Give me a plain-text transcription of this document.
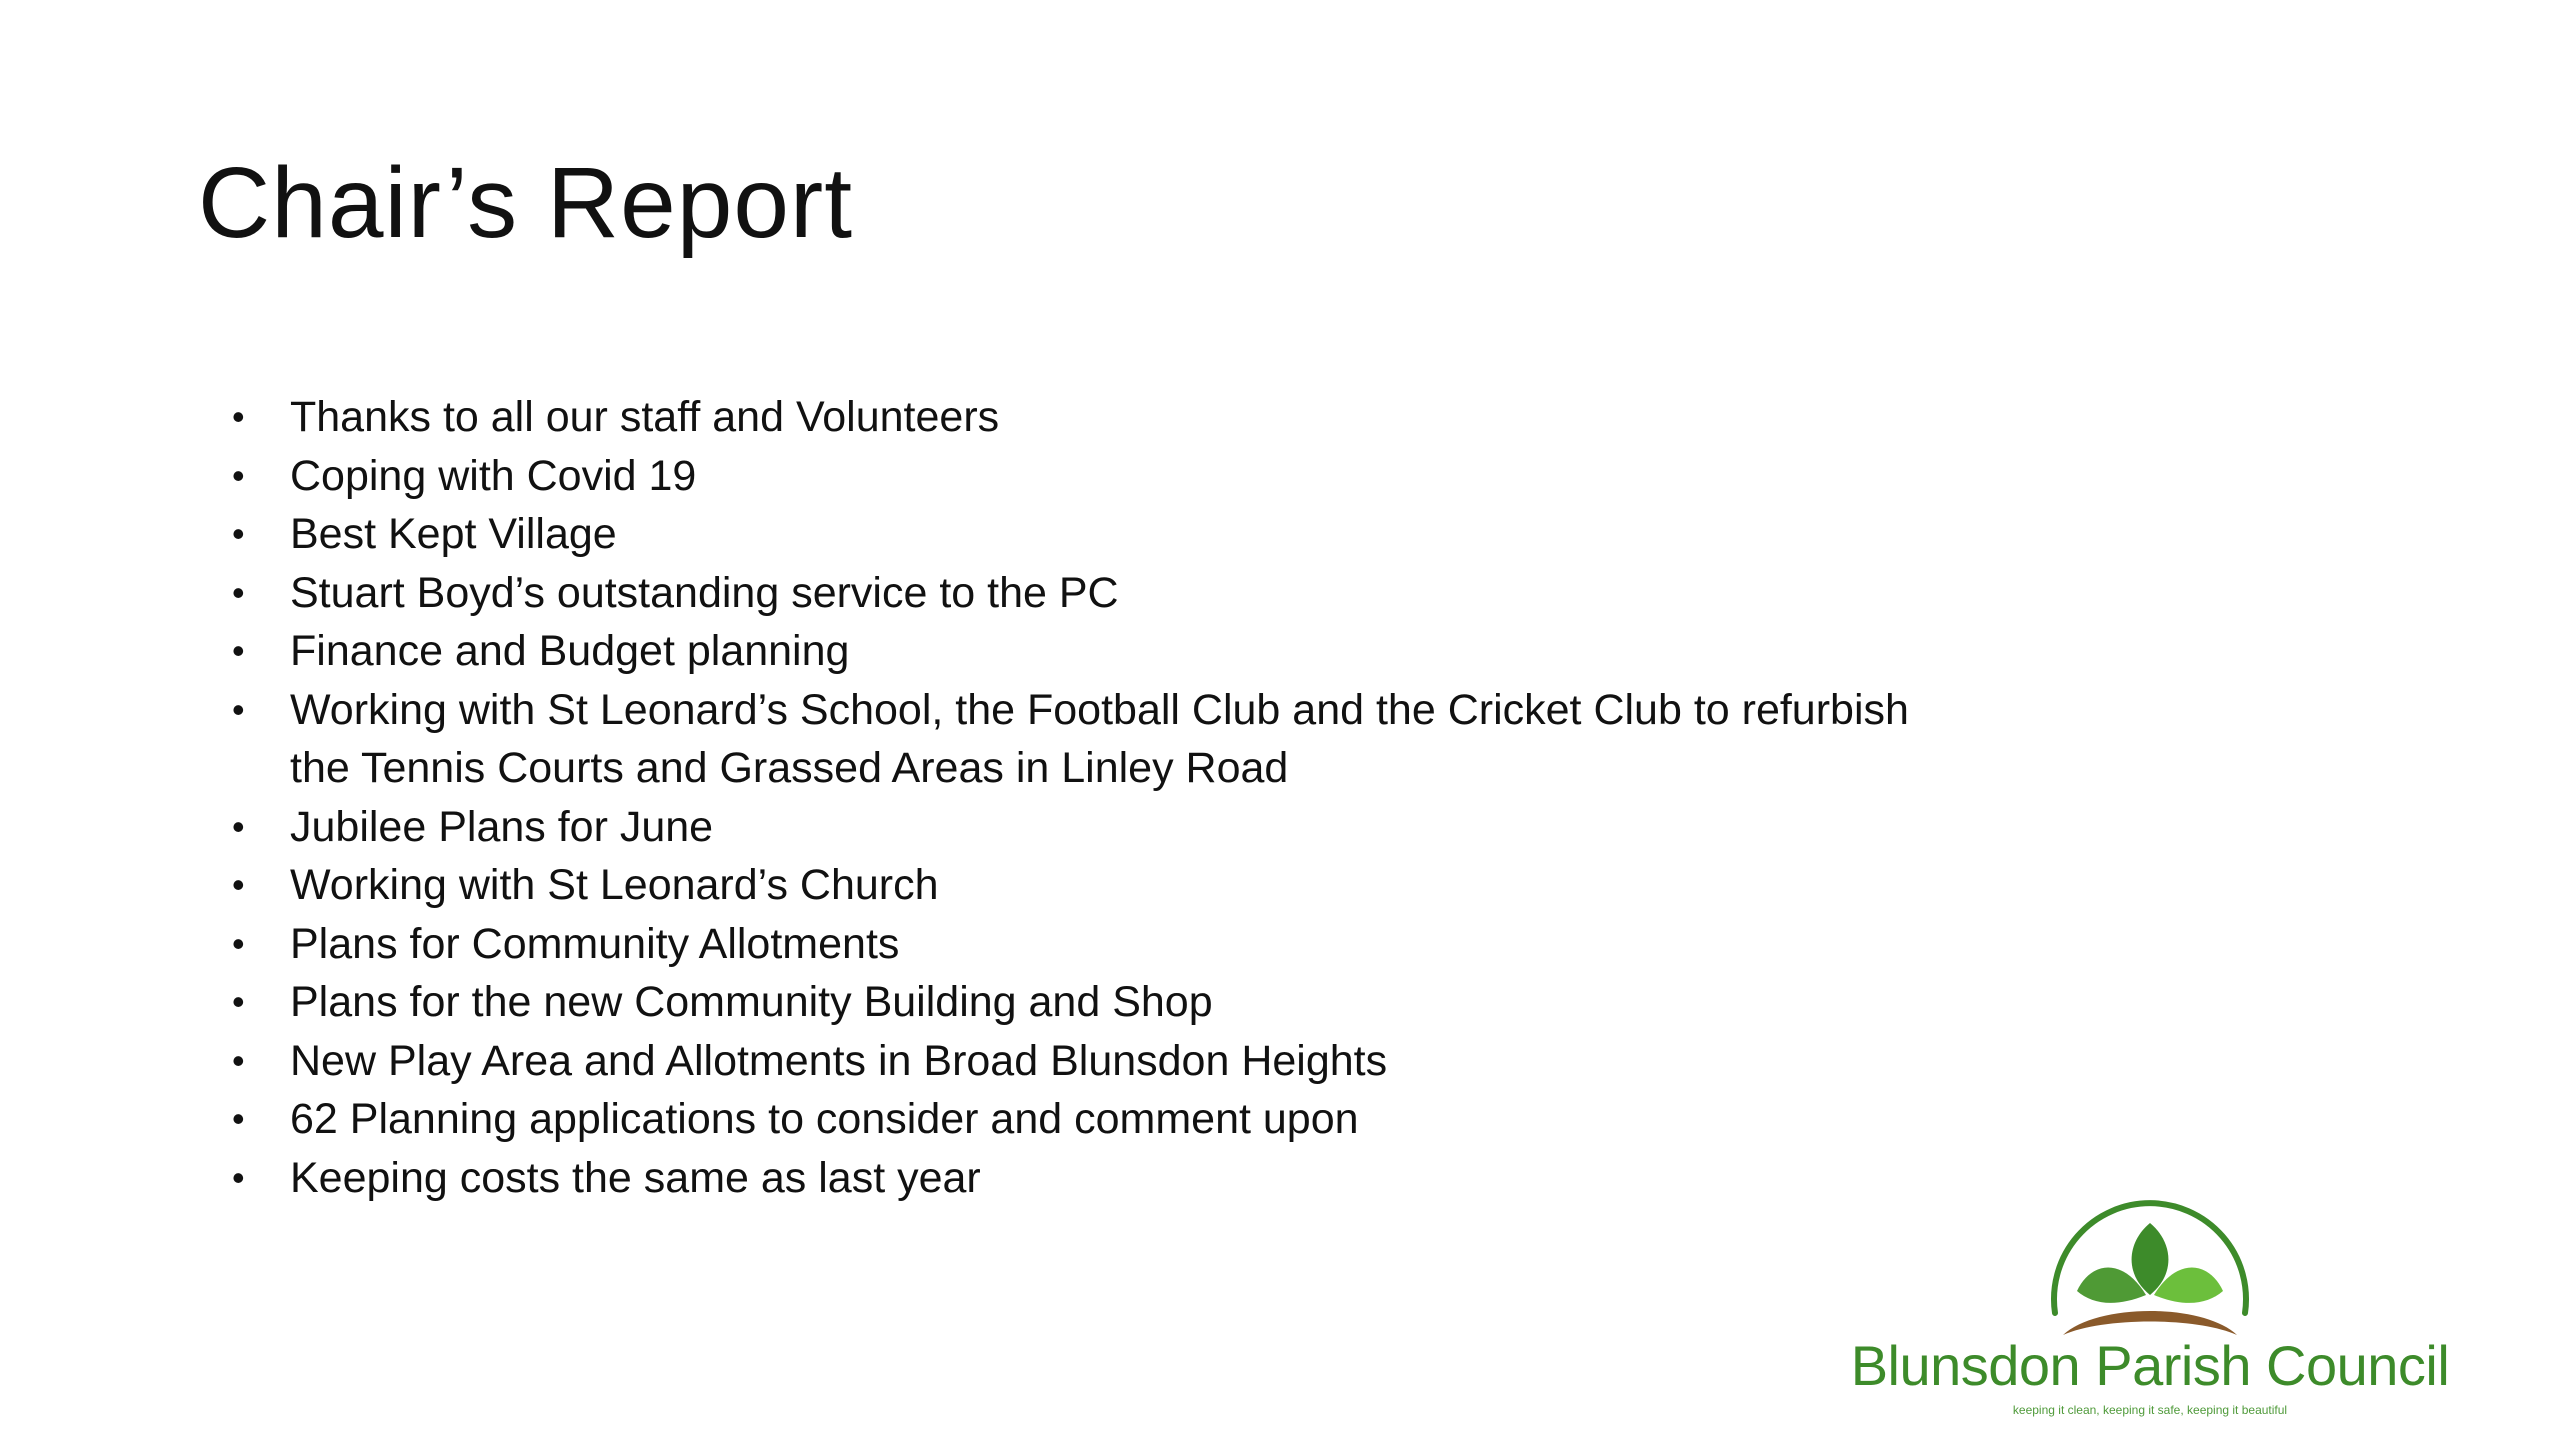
Chair’s Report
• Thanks to all our staff and Volunteers
• Coping with Covid 19
• Best Kept Village
• Stuart Boyd’s outstanding service to the PC
• Finance and Budget planning
• Working with St Leonard’s School, the Football Club and the Cricket Club to refurbish the Tennis Courts and Grassed Areas in Linley Road
• Jubilee Plans for June
• Working with St Leonard’s Church
• Plans for Community Allotments
• Plans for the new Community Building and Shop
• New Play Area and Allotments in Broad Blunsdon Heights
• 62 Planning applications to consider and comment upon
• Keeping costs the same as last year
Blunsdon Parish Council
keeping it clean, keeping it safe, keeping it beautiful
